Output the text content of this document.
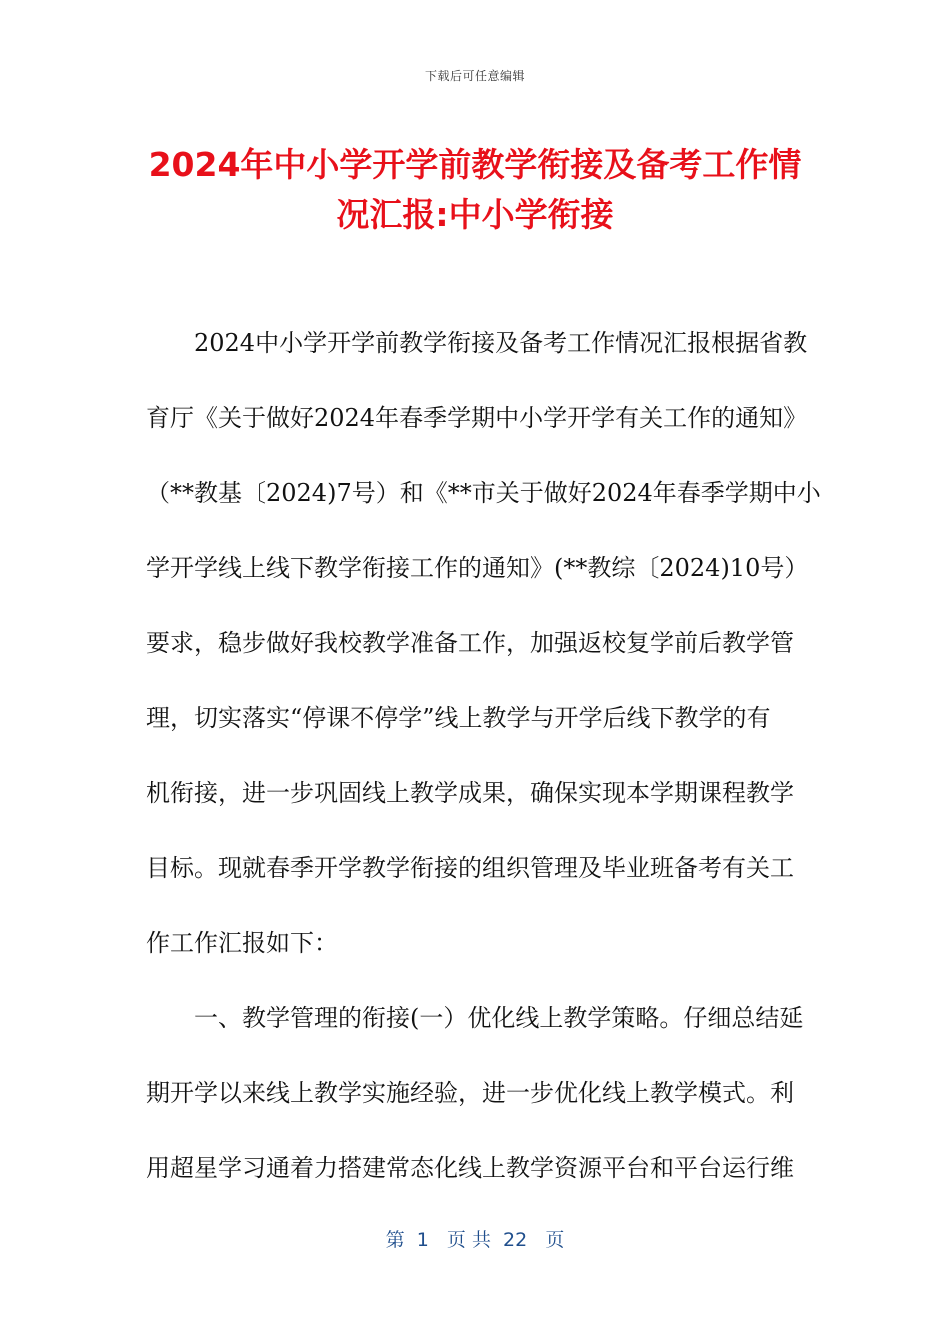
下载后可任意编辑
2024年中小学开学前教学衔接及备考工作情
况汇报:中小学衔接
　　2024中小学开学前教学衔接及备考工作情况汇报根据省教
育厅《关于做好2024年春季学期中小学开学有关工作的通知》
（**教基〔2024)7号）和《**市关于做好2024年春季学期中小
学开学线上线下教学衔接工作的通知》(**教综〔2024)10号）
要求，稳步做好我校教学准备工作，加强返校复学前后教学管
理，切实落实“停课不停学”线上教学与开学后线下教学的有
机衔接，进一步巩固线上教学成果，确保实现本学期课程教学
目标。现就春季开学教学衔接的组织管理及毕业班备考有关工
作工作汇报如下：
　　一、教学管理的衔接(一）优化线上教学策略。仔细总结延
期开学以来线上教学实施经验，进一步优化线上教学模式。利
用超星学习通着力搭建常态化线上教学资源平台和平台运行维
第  1   页 共  22   页
